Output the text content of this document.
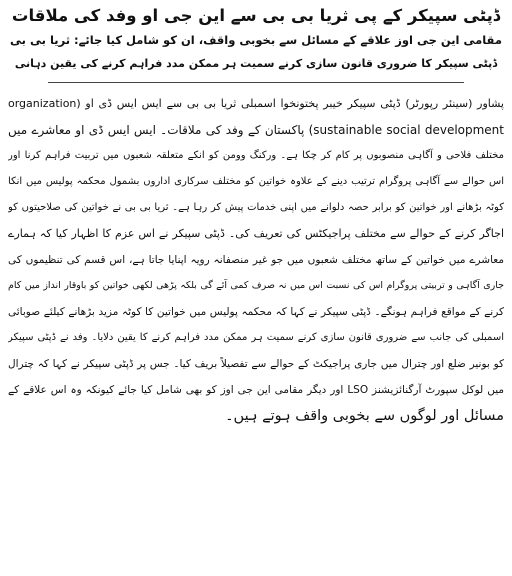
ڈپٹی سپیکر کے پی ثریا بی بی سے این جی او وفد کی ملاقات
مقامی این جی اوز علاقے کے مسائل سے بخوبی واقف، ان کو شامل کیا جائے: ثریا بی بی
ڈپٹی سپیکر کا ضروری قانون سازی کرنے سمیت ہر ممکن مدد فراہم کرنے کی یقین دہانی
پشاور (سینئر رپورٹر) ڈپٹی سپیکر خیبر پختونخوا اسمبلی ثریا بی بی سے ایس ایس ڈی او (organization
sustainable social development) پاکستان کے وفد کی ملاقات۔ ایس ایس ڈی او معاشرے میں
مختلف فلاحی و آگاہی منصوبوں پر کام کر چکا ہے۔ ورکنگ وومن کو انکے متعلقہ شعبوں میں تربیت فراہم کرنا اور
اس حوالے سے آگاہی پروگرام ترتیب دینے کے علاوہ خواتین کو مختلف سرکاری اداروں بشمول محکمہ پولیس میں انکا
کوٹہ بڑھانے اور خواتین کو برابر حصہ دلوانے میں اپنی خدمات پیش کر رہا ہے۔ ثریا بی بی نے خواتین کی صلاحیتوں کو
اجاگر کرنے کے حوالے سے مختلف پراجیکٹس کی تعریف کی۔ ڈپٹی سپیکر نے اس عزم کا اظہار کیا کہ ہمارے
معاشرے میں خواتین کے ساتھ مختلف شعبوں میں جو غیر منصفانہ رویہ اپنایا جاتا ہے، اس قسم کی تنظیموں کی
جاری آگاہی و تربیتی پروگرام اس کی نسبت اس میں نہ صرف کمی آئے گی بلکہ پڑھی لکھی خواتین کو باوقار انداز میں کام
کرنے کے مواقع فراہم ہونگے۔ ڈپٹی سپیکر نے کہا کہ محکمہ پولیس میں خواتین کا کوٹہ مزید بڑھانے کیلئے صوبائی
اسمبلی کی جانب سے ضروری قانون سازی کرنے سمیت ہر ممکن مدد فراہم کرنے کا یقین دلایا۔ وفد نے ڈپٹی سپیکر
کو بونیر ضلع اور چترال میں جاری پراجیکٹ کے حوالے سے تفصیلاً بریف کیا۔ جس پر ڈپٹی سپیکر نے کہا کہ چترال
میں لوکل سپورٹ آرگنائزیشنز LSO اور دیگر مقامی این جی اوز کو بھی شامل کیا جائے کیونکہ وہ اس علاقے کے
مسائل اور لوگوں سے بخوبی واقف ہوتے ہیں۔
